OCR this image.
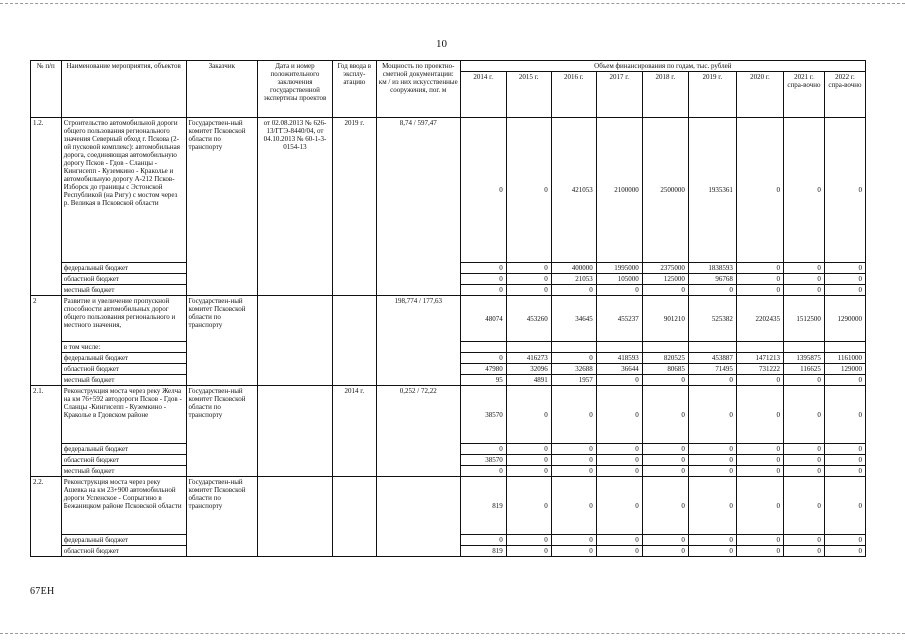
10
№ п/п	Наименование мероприятия, объектов	Заказчик	Дата и номер положительного заключения государственной экспертизы проектов	Год ввода в эксплу-атацию	Мощность по проектно-сметной документации: км / из них искусственные сооружения, пог. м	Объем финансирования по годам, тыс. рублей								
						2014 г.	2015 г.	2016 г.	2017 г.	2018 г.	2019 г.	2020 г.	2021 г. спра-вочно	2022 г. спра-вочно
1.2.	Строительство автомобильной дороги общего пользования регионального значения Северный обход г. Пскова (2-ой пусковой комплекс): автомобильная дорога, соединяющая автомобильную дорогу Псков - Гдов - Сланцы - Кингисепп - Куземкино - Краколье и автомобильную дорогу А-212 Псков-Изборск до границы с Эстонской Республикой (на Ригу) с мостом через р. Великая в Псковской области	Государствен-ный комитет Псковской области по транспорту	от 02.08.2013 № 626-13/ГГЭ-8440/04, от 04.10.2013 № 60-1-3-0154-13	2019 г.	8,74 / 597,47	0	0	421053	2100000	2500000	1935361	0	0	0
	федеральный бюджет					0	0	400000	1995000	2375000	1838593	0	0	0
	областной бюджет					0	0	21053	105000	125000	96768	0	0	0
	местный бюджет					0	0	0	0	0	0	0	0	0
2	Развитие и увеличение пропускной способности автомобильных дорог общего пользования регионального и местного значения,	Государствен-ный комитет Псковской области по транспорту			198,774 / 177,63	48074	453260	34645	455237	901210	525382	2202435	1512500	1290000
	в том числе:													
	федеральный бюджет					0	416273	0	418593	820525	453887	1471213	1395875	1161000
	областной бюджет					47980	32096	32688	36644	80685	71495	731222	116625	129000
	местный бюджет					95	4891	1957	0	0	0	0	0	0
2.1.	Реконструкция моста через реку Желча на км 76+592 автодороги Псков - Гдов - Сланцы -Кингисепп - Куземкино - Краколье в Гдовском районе	Государствен-ный комитет Псковской области по транспорту		2014 г.	0,252 / 72,22	38570	0	0	0	0	0	0	0	0
	федеральный бюджет					0	0	0	0	0	0	0	0	0
	областной бюджет					38570	0	0	0	0	0	0	0	0
	местный бюджет					0	0	0	0	0	0	0	0	0
2.2.	Реконструкция моста через реку Ашевка на км 23+900 автомобильной дороги Успенское - Сопрыгино в Бежаницком районе Псковской области	Государствен-ный комитет Псковской области по транспорту				819	0	0	0	0	0	0	0	0
	федеральный бюджет					0	0	0	0	0	0	0	0	0
	областной бюджет					819	0	0	0	0	0	0	0	0
67EH
